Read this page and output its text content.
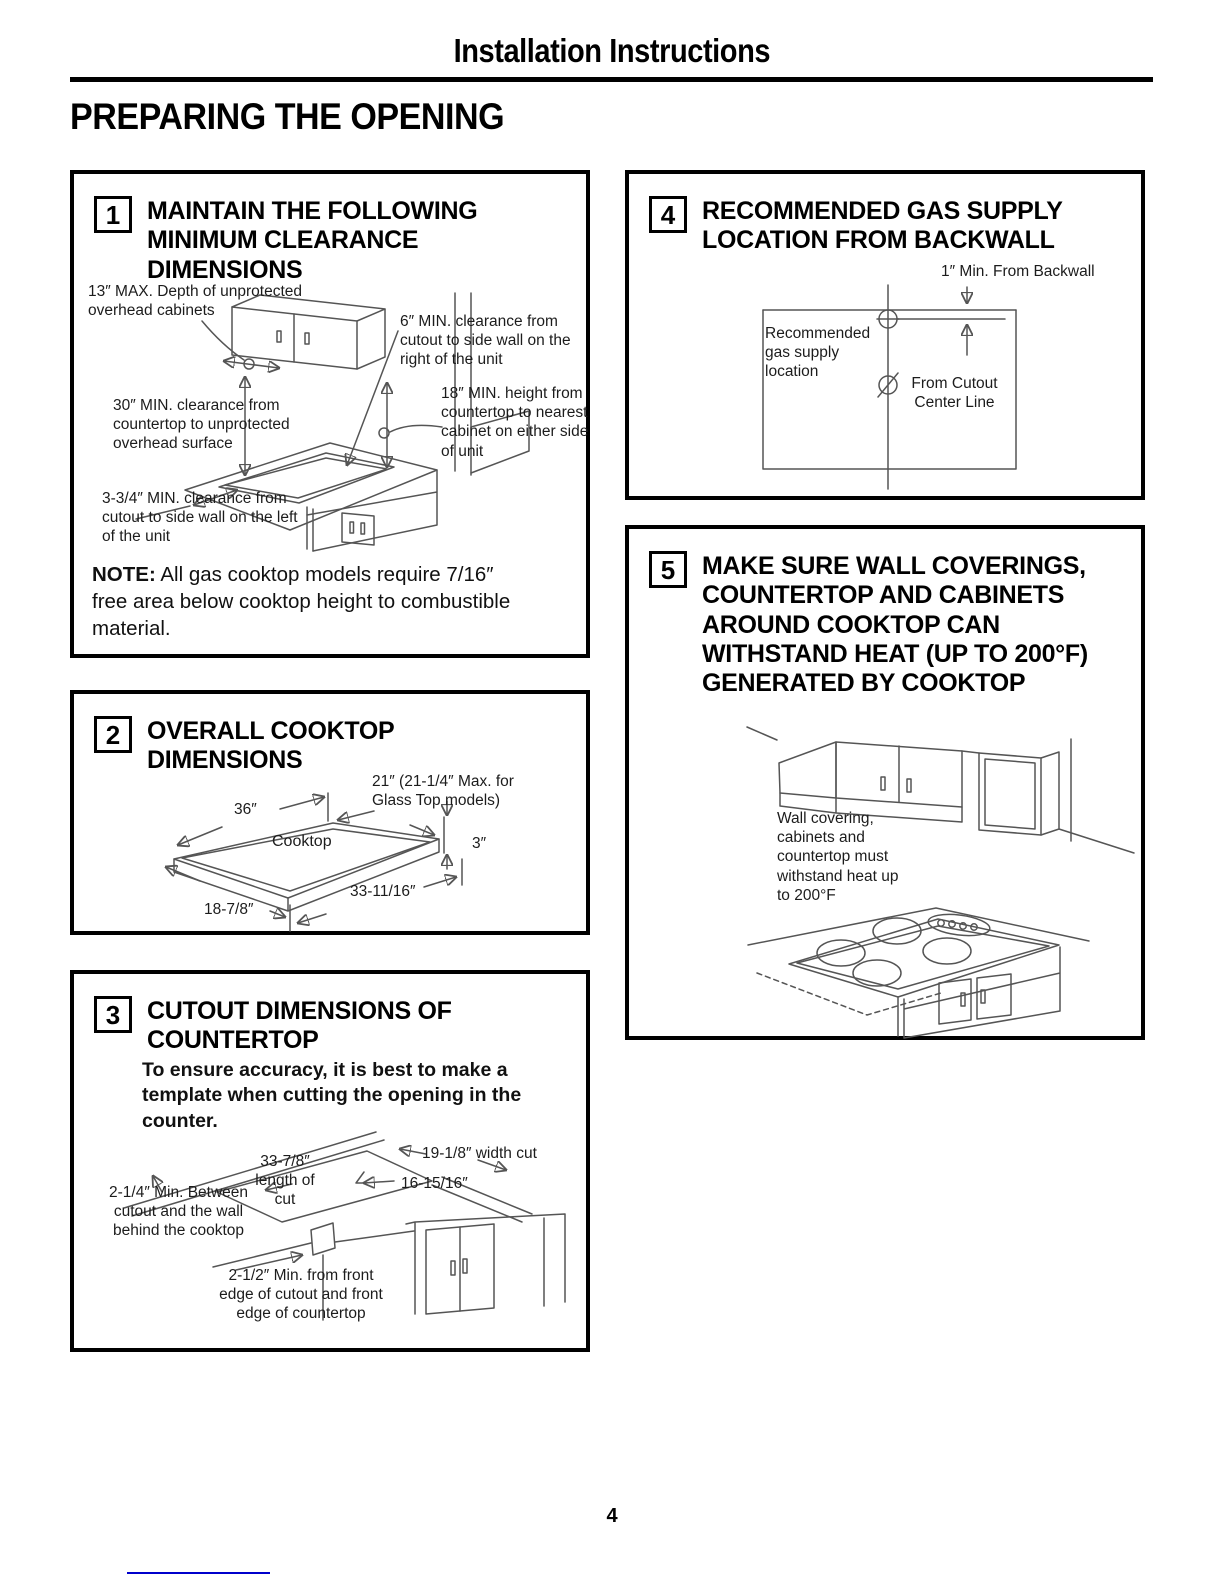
Installation Instructions
PREPARING THE OPENING
1	MAINTAIN THE FOLLOWING MINIMUM CLEARANCE DIMENSIONS
13″ MAX. Depth of unprotected overhead cabinets
6″ MIN. clearance from cutout to side wall on the right of the unit
30″ MIN. clearance from countertop to unprotected overhead surface
18″ MIN. height from countertop to nearest cabinet on either side of unit
3-3/4″ MIN. clearance from cutout to side wall on the left of the unit
NOTE: All gas cooktop models require 7/16″ free area below cooktop height to combustible material.
2	OVERALL COOKTOP DIMENSIONS
36″
21″ (21-1/4″ Max. for Glass Top models)
Cooktop	3″
18-7/8″
33-11/16″
3	CUTOUT DIMENSIONS OF COUNTERTOP
To ensure accuracy, it is best to make a template when cutting the opening in the counter.
19-1/8″ width cut
33-7/8″ length of cut
16-15/16″
2-1/4″ Min. Between cutout and the wall behind the cooktop
2-1/2″ Min. from front edge of cutout and front edge of countertop
4	RECOMMENDED GAS SUPPLY LOCATION FROM BACKWALL
1″ Min. From Backwall
Recommended gas supply location
From Cutout Center Line
5	MAKE SURE WALL COVERINGS, COUNTERTOP AND CABINETS AROUND COOKTOP CAN WITHSTAND HEAT (UP TO 200°F) GENERATED BY COOKTOP
Wall covering, cabinets and countertop must withstand heat up to 200°F
4
